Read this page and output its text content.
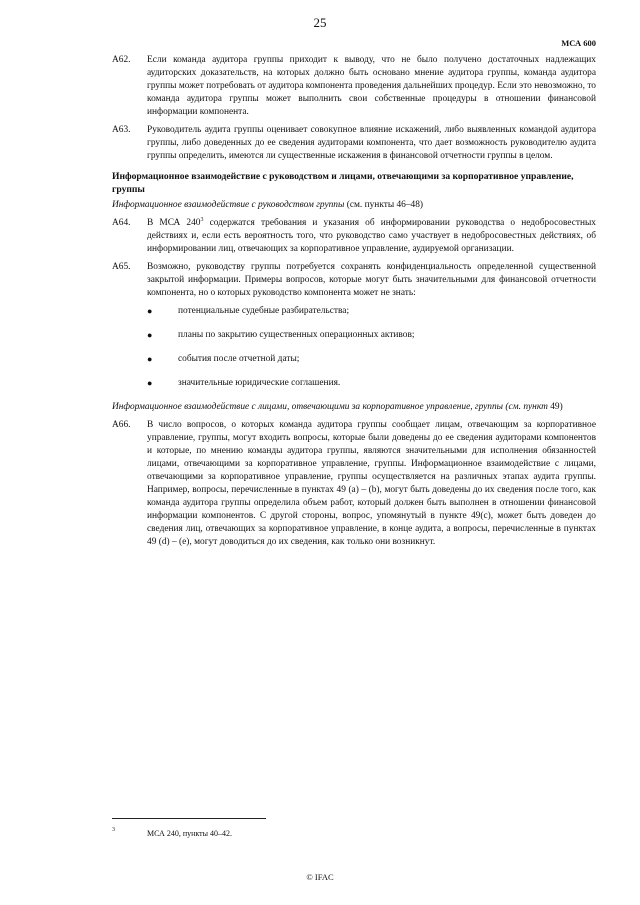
25
МСА 600
A62.	Если команда аудитора группы приходит к выводу, что не было получено достаточных надлежащих аудиторских доказательств, на которых должно быть основано мнение аудитора группы, команда аудитора группы может потребовать от аудитора компонента проведения дальнейших процедур. Если это невозможно, то команда аудитора группы может выполнить свои собственные процедуры в отношении финансовой информации компонента.
A63.	Руководитель аудита группы оценивает совокупное влияние искажений, либо выявленных командой аудитора группы, либо доведенных до ее сведения аудиторами компонента, что дает возможность руководителю аудита группы определить, имеются ли существенные искажения в финансовой отчетности группы в целом.
Информационное взаимодействие с руководством и лицами, отвечающими за корпоративное управление, группы
Информационное взаимодействие с руководством группы (см. пункты 46–48)
A64.	В МСА $240^3$ содержатся требования и указания об информировании руководства о недобросовестных действиях и, если есть вероятность того, что руководство само участвует в недобросовестных действиях, об информировании лиц, отвечающих за корпоративное управление, аудируемой организации.
A65.	Возможно, руководству группы потребуется сохранять конфиденциальность определенной существенной закрытой информации. Примеры вопросов, которые могут быть значительными для финансовой отчетности компонента, но о которых руководство компонента может не знать:
●	потенциальные судебные разбирательства;
●	планы по закрытию существенных операционных активов;
●	события после отчетной даты;
●	значительные юридические соглашения.
Информационное взаимодействие с лицами, отвечающими за корпоративное управление, группы (см. пункт 49)
A66.	В число вопросов, о которых команда аудитора группы сообщает лицам, отвечающим за корпоративное управление, группы, могут входить вопросы, которые были доведены до ее сведения аудиторами компонентов и которые, по мнению команды аудитора группы, являются значительными для исполнения обязанностей лицами, отвечающими за корпоративное управление, группы. Информационное взаимодействие с лицами, отвечающими за корпоративное управление, группы осуществляется на различных этапах аудита группы. Например, вопросы, перечисленные в пунктах 49 (a) – (b), могут быть доведены до их сведения после того, как команда аудитора группы определила объем работ, который должен быть выполнен в отношении финансовой информации компонентов. С другой стороны, вопрос, упомянутый в пункте 49(c), может быть доведен до сведения лиц, отвечающих за корпоративное управление, в конце аудита, а вопросы, перечисленные в пунктах 49 (d) – (e), могут доводиться до их сведения, как только они возникнут.
3	МСА 240, пункты 40–42.
© IFAC
